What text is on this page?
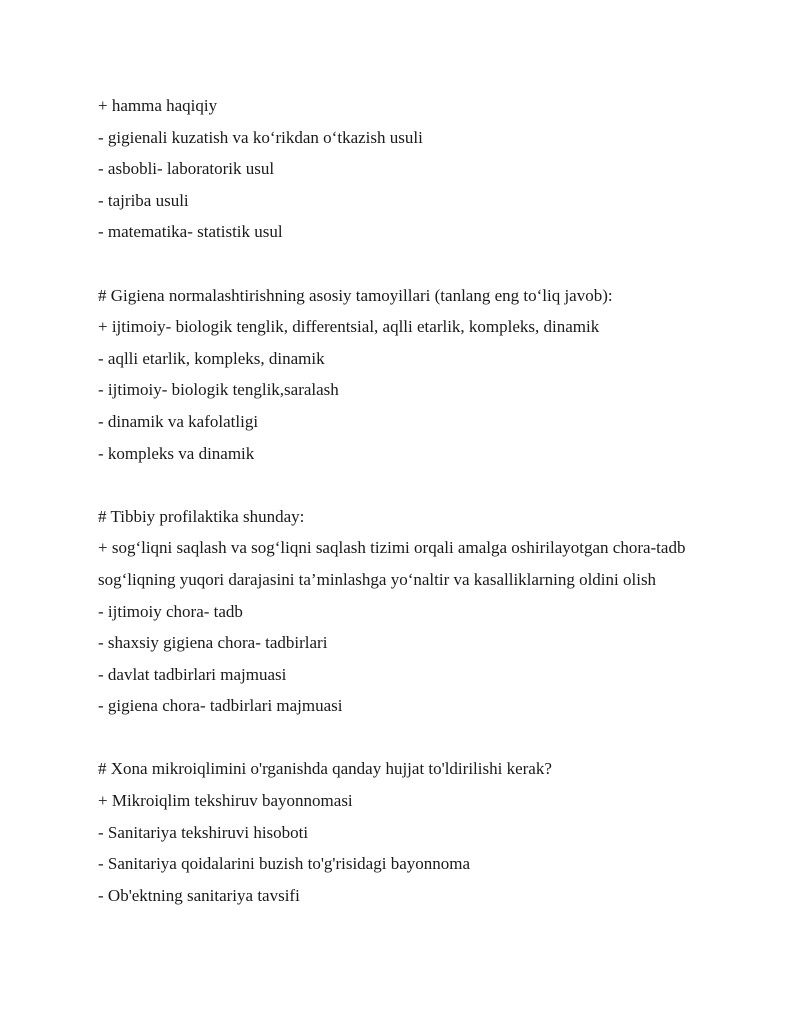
+ hamma haqiqiy

- gigienali kuzatish va ko‘rikdan o‘tkazish usuli

- asbobli- laboratorik usul

- tajriba usuli

- matematika- statistik usul

# Gigiena normalashtirishning asosiy tamoyillari (tanlang eng to‘liq javob):

+ ijtimoiy- biologik tenglik, differentsial, aqlli etarlik, kompleks, dinamik

- aqlli etarlik, kompleks, dinamik

- ijtimoiy- biologik tenglik,saralash

- dinamik va kafolatligi

- kompleks va dinamik

# Tibbiy profilaktika shunday:

+ sog‘liqni saqlash va sog‘liqni saqlash tizimi orqali amalga oshirilayotgan chora-tadb sog‘liqning yuqori darajasini ta’minlashga yo‘naltir va kasalliklarning oldini olish

- ijtimoiy chora- tadb

- shaxsiy gigiena chora- tadbirlari

- davlat tadbirlari majmuasi

- gigiena chora- tadbirlari majmuasi

# Xona mikroiqlimini o'rganishda qanday hujjat to'ldirilishi kerak?

+ Mikroiqlim tekshiruv bayonnomasi

- Sanitariya tekshiruvi hisoboti

- Sanitariya qoidalarini buzish to'g'risidagi bayonnoma

- Ob'ektning sanitariya tavsifi
